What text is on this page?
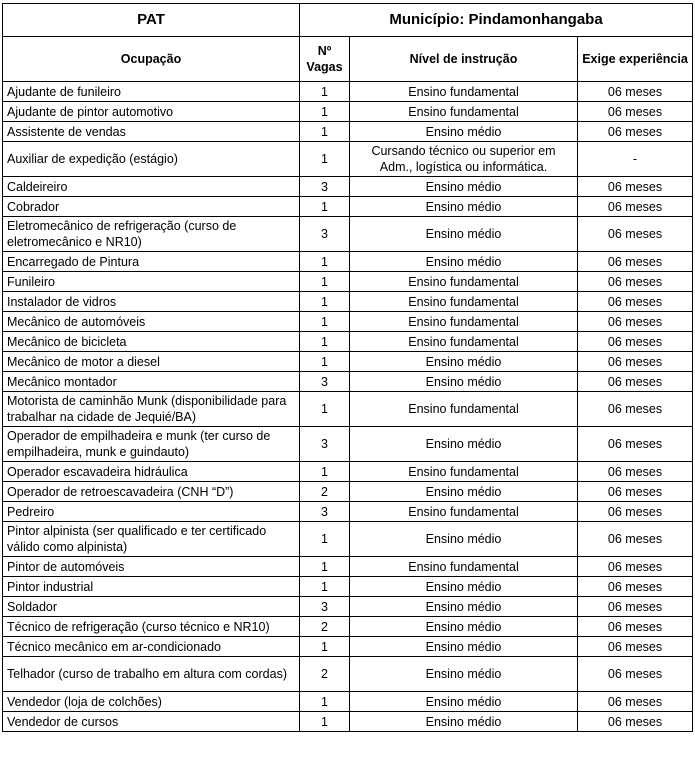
PAT	Município: Pindamonhangaba		
Ocupação	Nº Vagas	Nível de instrução	Exige experiência
Ajudante de funileiro	1	Ensino fundamental	06 meses
Ajudante de pintor automotivo	1	Ensino fundamental	06 meses
Assistente de vendas	1	Ensino médio	06 meses
Auxiliar de expedição (estágio)	1	Cursando técnico ou superior em Adm., logística ou informática.	-
Caldeireiro	3	Ensino médio	06 meses
Cobrador	1	Ensino médio	06 meses
Eletromecânico de refrigeração (curso de eletromecânico e NR10)	3	Ensino médio	06 meses
Encarregado de Pintura	1	Ensino médio	06 meses
Funileiro	1	Ensino fundamental	06 meses
Instalador de vidros	1	Ensino fundamental	06 meses
Mecânico de automóveis	1	Ensino fundamental	06 meses
Mecânico de bicicleta	1	Ensino fundamental	06 meses
Mecânico de motor a diesel	1	Ensino médio	06 meses
Mecânico montador	3	Ensino médio	06 meses
Motorista de caminhão Munk (disponibilidade para trabalhar na cidade de Jequié/BA)	1	Ensino fundamental	06 meses
Operador de empilhadeira e munk (ter curso de empilhadeira, munk e guindauto)	3	Ensino médio	06 meses
Operador escavadeira hidráulica	1	Ensino fundamental	06 meses
Operador de retroescavadeira (CNH “D”)	2	Ensino médio	06 meses
Pedreiro	3	Ensino fundamental	06 meses
Pintor alpinista (ser qualificado e ter certificado válido como alpinista)	1	Ensino médio	06 meses
Pintor de automóveis	1	Ensino fundamental	06 meses
Pintor industrial	1	Ensino médio	06 meses
Soldador	3	Ensino médio	06 meses
Técnico de refrigeração (curso técnico e NR10)	2	Ensino médio	06 meses
Técnico mecânico em ar-condicionado	1	Ensino médio	06 meses
Telhador (curso de trabalho em altura com cordas)	2	Ensino médio	06 meses
Vendedor (loja de colchões)	1	Ensino médio	06 meses
Vendedor de cursos	1	Ensino médio	06 meses
